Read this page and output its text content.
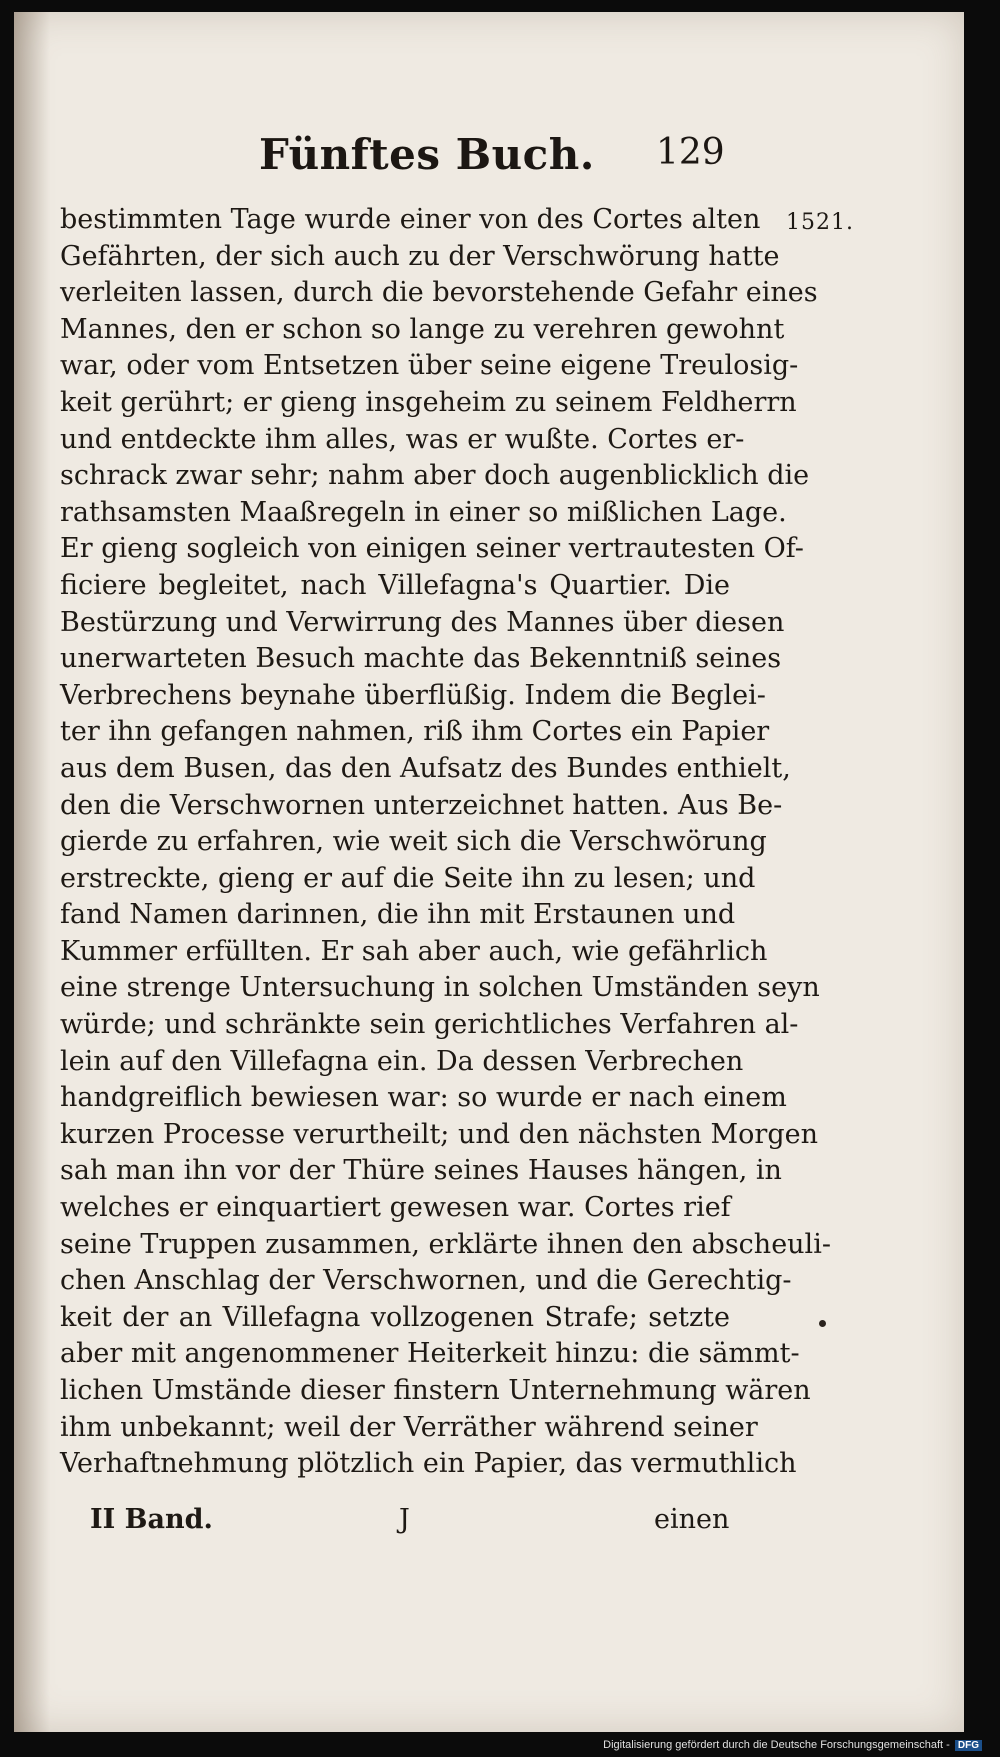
Fünftes Buch. 129
1521.
bestimmten Tage wurde einer von des Cortes alten
Gefährten, der sich auch zu der Verschwörung hatte
verleiten lassen, durch die bevorstehende Gefahr eines
Mannes, den er schon so lange zu verehren gewohnt
war, oder vom Entsetzen über seine eigene Treulosig-
keit gerührt; er gieng insgeheim zu seinem Feldherrn
und entdeckte ihm alles, was er wußte. Cortes er-
schrack zwar sehr; nahm aber doch augenblicklich die
rathsamsten Maaßregeln in einer so mißlichen Lage.
Er gieng sogleich von einigen seiner vertrautesten Of-
ficiere begleitet, nach Villefagna's Quartier. Die
Bestürzung und Verwirrung des Mannes über diesen
unerwarteten Besuch machte das Bekenntniß seines
Verbrechens beynahe überflüßig. Indem die Beglei-
ter ihn gefangen nahmen, riß ihm Cortes ein Papier
aus dem Busen, das den Aufsatz des Bundes enthielt,
den die Verschwornen unterzeichnet hatten. Aus Be-
gierde zu erfahren, wie weit sich die Verschwörung
erstreckte, gieng er auf die Seite ihn zu lesen; und
fand Namen darinnen, die ihn mit Erstaunen und
Kummer erfüllten. Er sah aber auch, wie gefährlich
eine strenge Untersuchung in solchen Umständen seyn
würde; und schränkte sein gerichtliches Verfahren al-
lein auf den Villefagna ein. Da dessen Verbrechen
handgreiflich bewiesen war: so wurde er nach einem
kurzen Processe verurtheilt; und den nächsten Morgen
sah man ihn vor der Thüre seines Hauses hängen, in
welches er einquartiert gewesen war. Cortes rief
seine Truppen zusammen, erklärte ihnen den abscheuli-
chen Anschlag der Verschwornen, und die Gerechtig-
keit der an Villefagna vollzogenen Strafe; setzte
aber mit angenommener Heiterkeit hinzu: die sämmt-
lichen Umstände dieser finstern Unternehmung wären
ihm unbekannt; weil der Verräther während seiner
Verhaftnehmung plötzlich ein Papier, das vermuthlich
II Band.	J	einen
Digitalisierung gefördert durch die Deutsche Forschungsgemeinschaft - DFG
